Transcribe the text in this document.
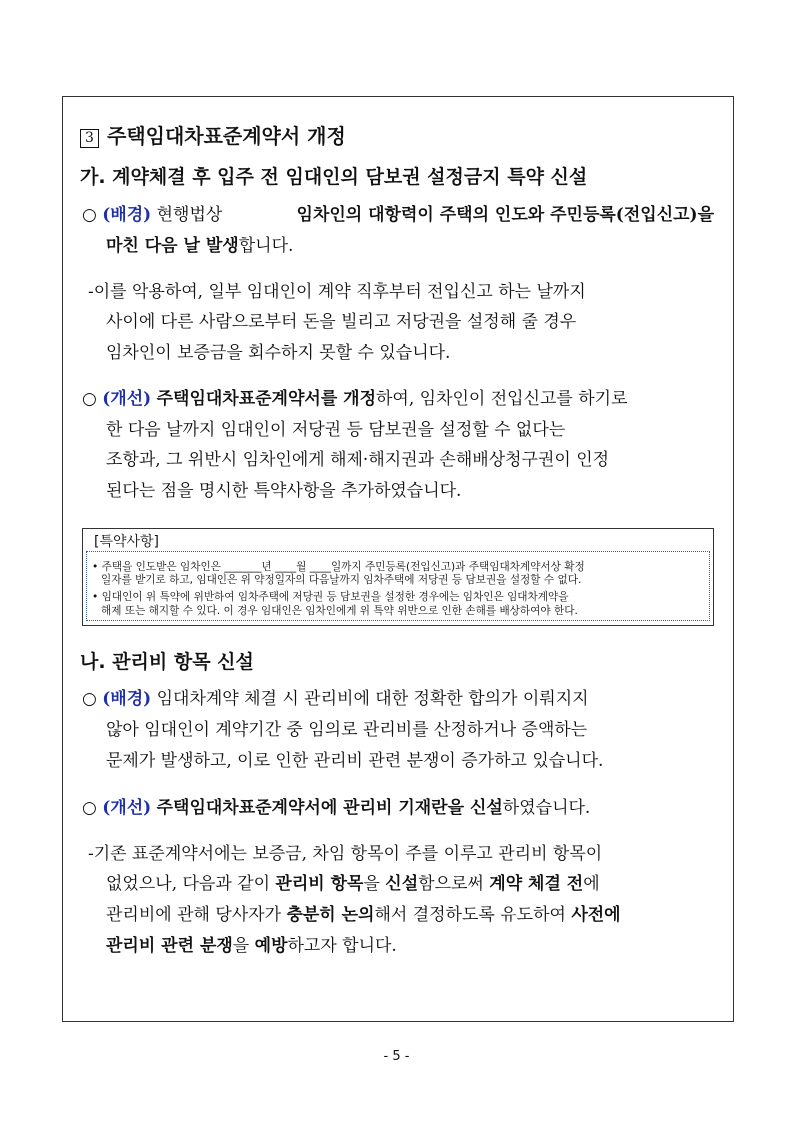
3 주택임대차표준계약서 개정
가. 계약체결 후 입주 전 임대인의 담보권 설정금지 특약 신설
○ (배경) 현행법상	임차인의 대항력이 주택의 인도와 주민등록(전입신고)을
마친 다음 날 발생합니다.
-이를 악용하여, 일부 임대인이 계약 직후부터 전입신고 하는 날까지
사이에 다른 사람으로부터 돈을 빌리고 저당권을 설정해 줄 경우
임차인이 보증금을 회수하지 못할 수 있습니다.
○ (개선) 주택임대차표준계약서를 개정하여, 임차인이 전입신고를 하기로
한 다음 날까지 임대인이 저당권 등 담보권을 설정할 수 없다는
조항과, 그 위반시 임차인에게 해제·해지권과 손해배상청구권이 인정
된다는 점을 명시한 특약사항을 추가하였습니다.
[특약사항]
• 주택을 인도받은 임차인은 _______년 ____월 ____일까지 주민등록(전입신고)과 주택임대차계약서상 확정
일자를 받기로 하고, 임대인은 위 약정일자의 다음날까지 임차주택에 저당권 등 담보권을 설정할 수 없다.
• 임대인이 위 특약에 위반하여 임차주택에 저당권 등 담보권을 설정한 경우에는 임차인은 임대차계약을
해제 또는 해지할 수 있다. 이 경우 임대인은 임차인에게 위 특약 위반으로 인한 손해를 배상하여야 한다.
나. 관리비 항목 신설
○ (배경) 임대차계약 체결 시 관리비에 대한 정확한 합의가 이뤄지지
않아 임대인이 계약기간 중 임의로 관리비를 산정하거나 증액하는
문제가 발생하고, 이로 인한 관리비 관련 분쟁이 증가하고 있습니다.
○ (개선) 주택임대차표준계약서에 관리비 기재란을 신설하였습니다.
-기존 표준계약서에는 보증금, 차임 항목이 주를 이루고 관리비 항목이
없었으나, 다음과 같이 관리비 항목을 신설함으로써 계약 체결 전에
관리비에 관해 당사자가 충분히 논의해서 결정하도록 유도하여 사전에
관리비 관련 분쟁을 예방하고자 합니다.
- 5 -
